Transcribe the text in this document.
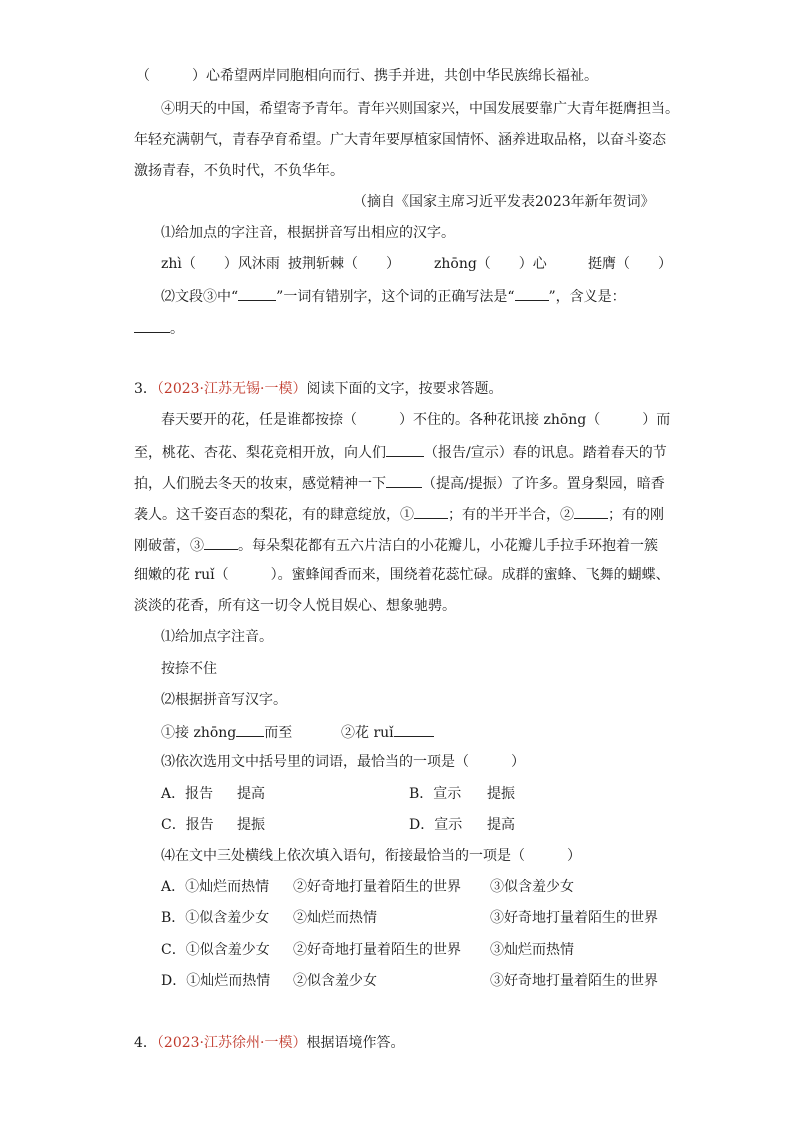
（　　　）心希望两岸同胞相向而行、携手并进，共创中华民族绵长福祉。
④明天的中国，希望寄予青年。青年兴则国家兴，中国发展要靠广大青年挺膺担当。
年轻充满朝气，青春孕育希望。广大青年要厚植家国情怀、涵养进取品格，以奋斗姿态
激扬青春，不负时代，不负华年。
（摘自《国家主席习近平发表2023年新年贺词》
⑴给加点的字注音，根据拼音写出相应的汉字。
zhì（　　）风沐雨 披荆斩棘（　　） zhōng（　　）心	挺膺（　　）
⑵文段③中“	”一词有错别字，这个词的正确写法是“ ”，含义是：
。
3．（2023·江苏无锡·一模）阅读下面的文字，按要求答题。
春天要开的花，任是谁都按捺（　　　）不住的。各种花讯接 zhōng（　　　）而
至，桃花、杏花、梨花竞相开放，向人们	（报告/宣示）春的讯息。踏着春天的节
拍，人们脱去冬天的妆束，感觉精神一下	（提高/提振）了许多。置身梨园，暗香
袭人。这千姿百态的梨花，有的肆意绽放，① ；有的半开半合，② ；有的刚
刚破蕾，③ 。每朵梨花都有五六片洁白的小花瓣儿，小花瓣儿手拉手环抱着一簇
细嫩的花 ruǐ（　　　）。蜜蜂闻香而来，围绕着花蕊忙碌。成群的蜜蜂、飞舞的蝴蝶、
淡淡的花香，所有这一切令人悦目娱心、想象驰骋。
⑴给加点字注音。
按捺不住
⑵根据拼音写汉字。
①接 zhōng 而至	②花 ruǐ
⑶依次选用文中括号里的词语，最恰当的一项是（　　　）
A．报告 提高	B．宣示 提振
C．报告 提振	D．宣示 提高
⑷在文中三处横线上依次填入语句，衔接最恰当的一项是（　　　）
A．①灿烂而热情 ②好奇地打量着陌生的世界 ③似含羞少女
B．①似含羞少女 ②灿烂而热情	③好奇地打量着陌生的世界
C．①似含羞少女 ②好奇地打量着陌生的世界 ③灿烂而热情
D．①灿烂而热情 ②似含羞少女	③好奇地打量着陌生的世界
4．（2023·江苏徐州·一模）根据语境作答。
